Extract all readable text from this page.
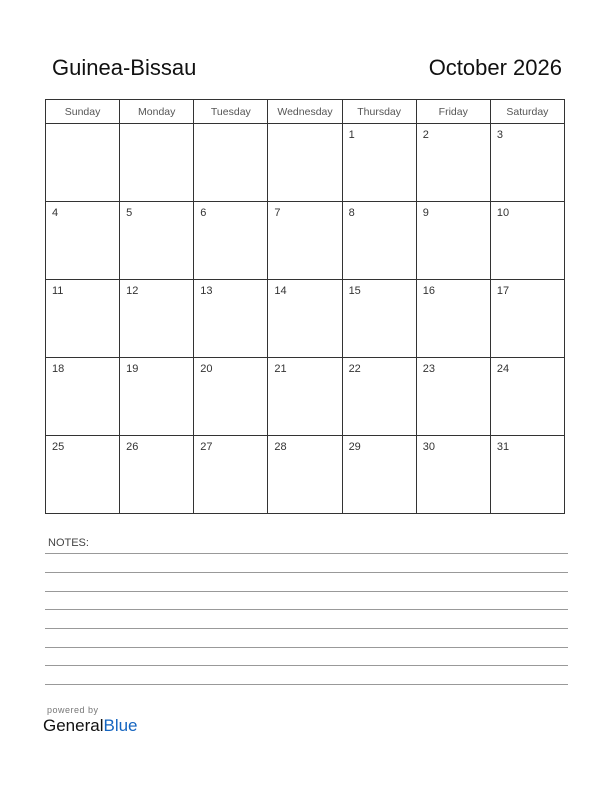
Guinea-Bissau	October 2026
Sunday	Monday	Tuesday	Wednesday	Thursday	Friday	Saturday

				1	2	3

4	5	6	7	8	9	10

11	12	13	14	15	16	17

18	19	20	21	22	23	24

25	26	27	28	29	30	31
NOTES:
powered by
GeneralBlue
